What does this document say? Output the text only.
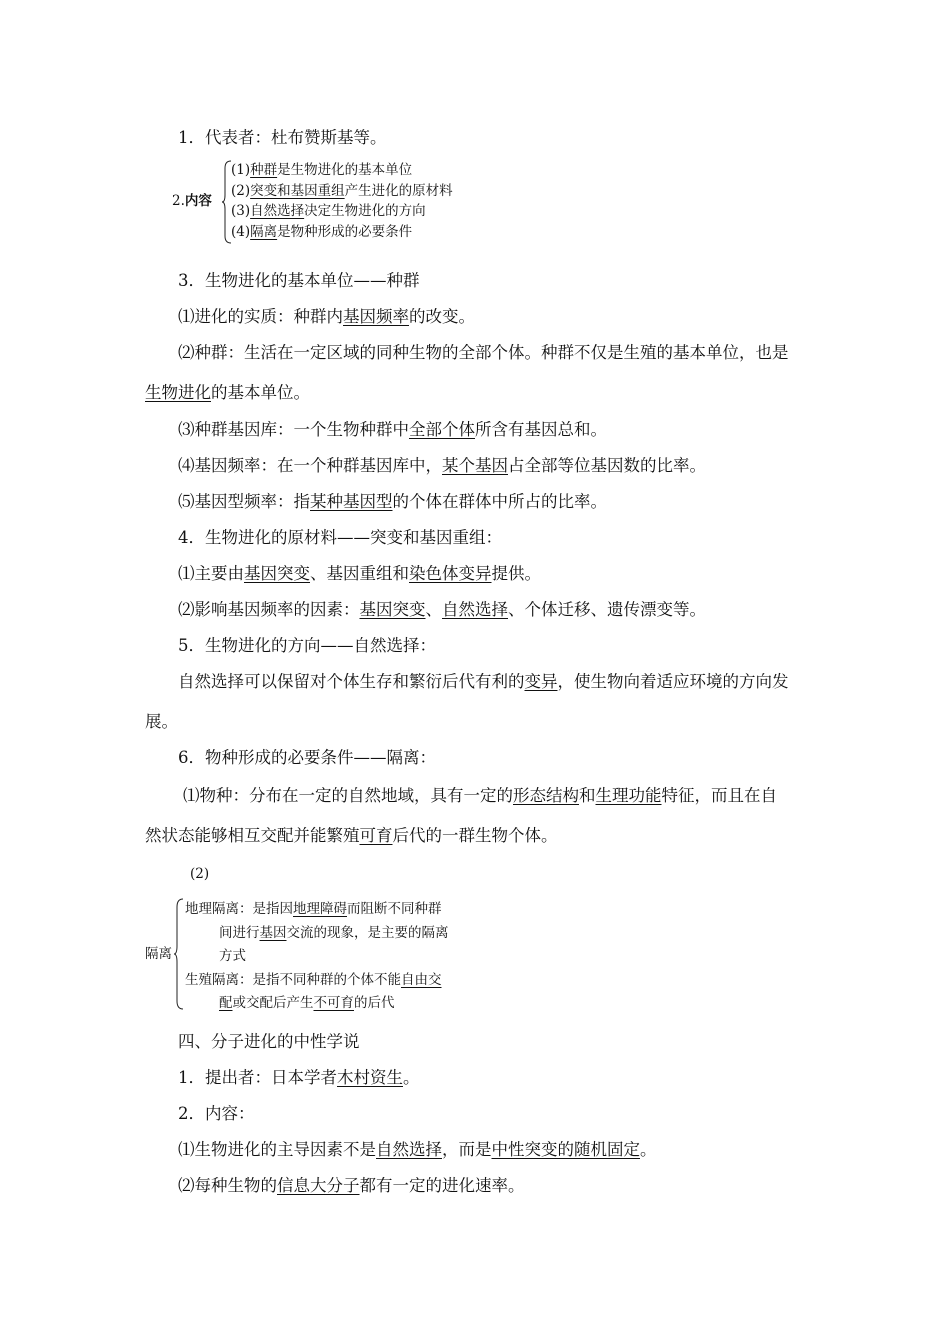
1．代表者：杜布赞斯基等。
2.内容
(1)种群是生物进化的基本单位
(2)突变和基因重组产生进化的原材料
(3)自然选择决定生物进化的方向
(4)隔离是物种形成的必要条件
3．生物进化的基本单位——种群
⑴进化的实质：种群内基因频率的改变。
⑵种群：生活在一定区域的同种生物的全部个体。种群不仅是生殖的基本单位，也是
生物进化的基本单位。
⑶种群基因库：一个生物种群中全部个体所含有基因总和。
⑷基因频率：在一个种群基因库中，某个基因占全部等位基因数的比率。
⑸基因型频率：指某种基因型的个体在群体中所占的比率。
4．生物进化的原材料——突变和基因重组：
⑴主要由基因突变、基因重组和染色体变异提供。
⑵影响基因频率的因素：基因突变、自然选择、个体迁移、遗传漂变等。
5．生物进化的方向——自然选择：
自然选择可以保留对个体生存和繁衍后代有利的变异，使生物向着适应环境的方向发
展。
6．物种形成的必要条件——隔离：
⑴物种：分布在一定的自然地域，具有一定的形态结构和生理功能特征，而且在自
然状态能够相互交配并能繁殖可育后代的一群生物个体。
(2)
隔离
地理隔离：是指因地理障碍而阻断不同种群
间进行基因交流的现象，是主要的隔离
方式
生殖隔离：是指不同种群的个体不能自由交
配或交配后产生不可育的后代
四、分子进化的中性学说
1．提出者：日本学者木村资生。
2．内容：
⑴生物进化的主导因素不是自然选择，而是中性突变的随机固定。
⑵每种生物的信息大分子都有一定的进化速率。
